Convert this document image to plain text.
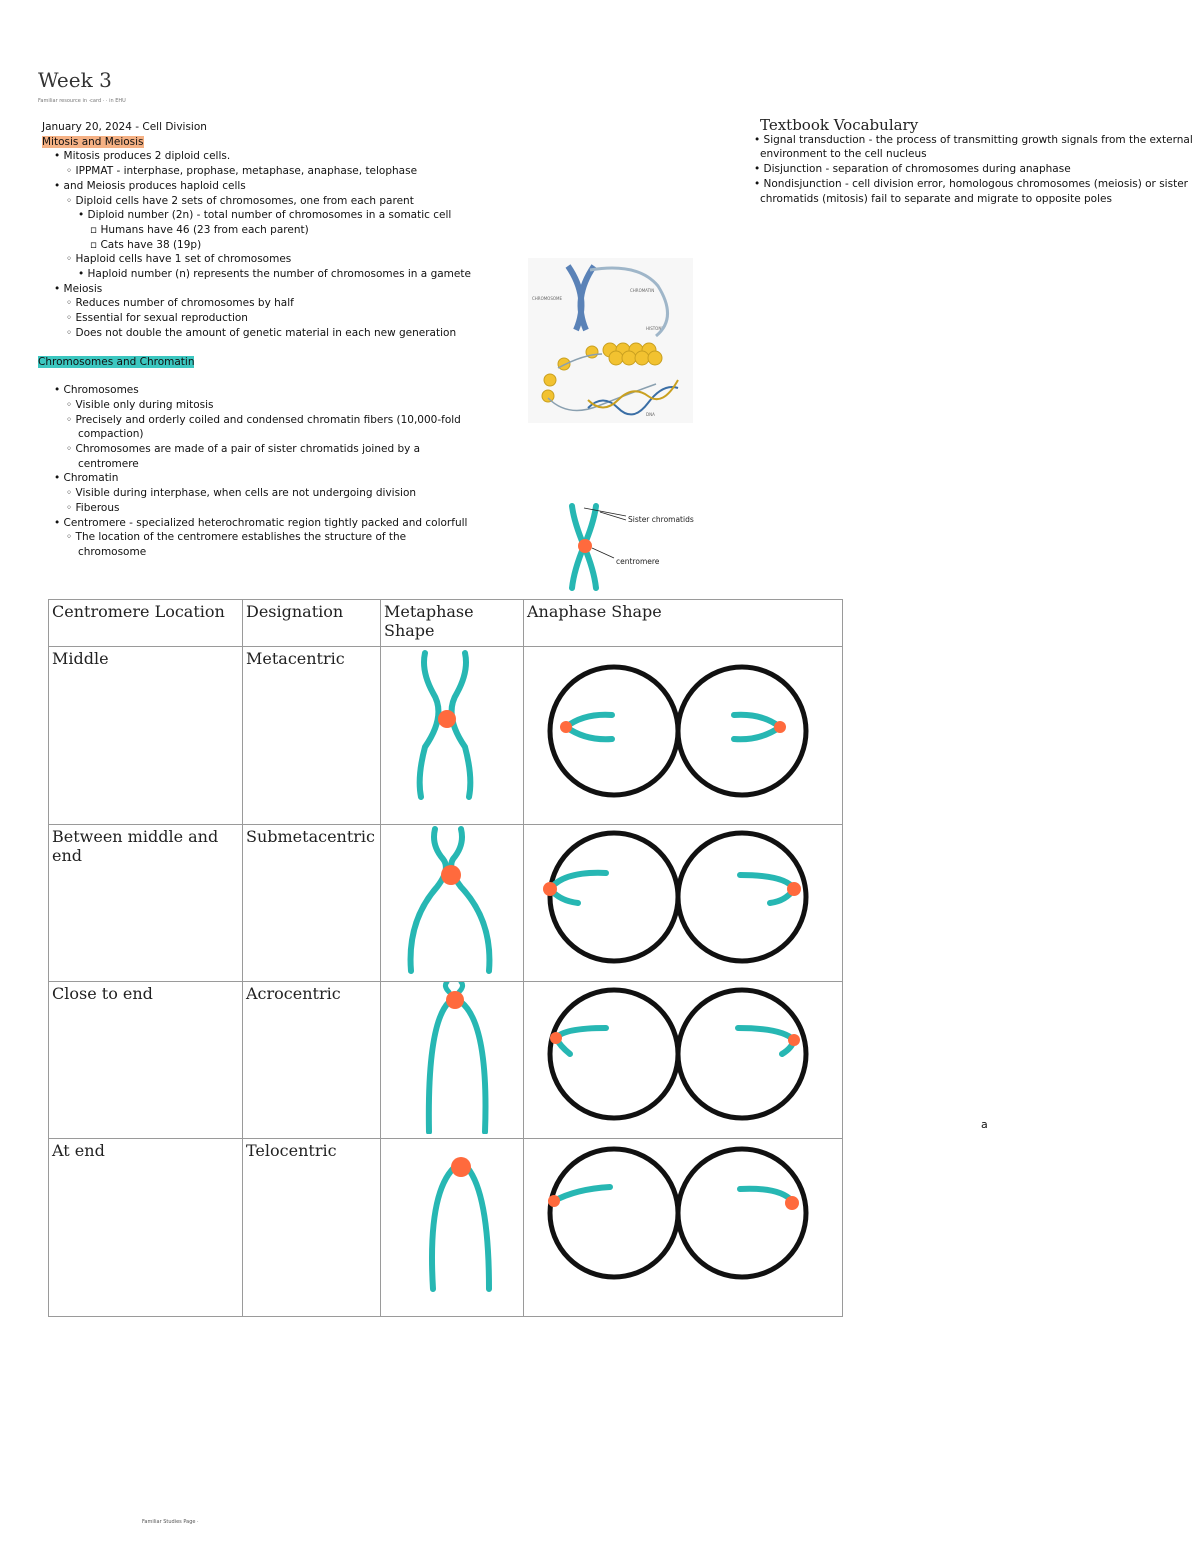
Week 3
Familiar resource in ·card · · in EHU
January 20, 2024 - Cell Division
Mitosis and Meiosis
• Mitosis produces 2 diploid cells.
◦ IPPMAT - interphase, prophase, metaphase, anaphase, telophase
• and Meiosis produces haploid cells
◦ Diploid cells have 2 sets of chromosomes, one from each parent
• Diploid number (2n) - total number of chromosomes in a somatic cell
▫ Humans have 46 (23 from each parent)
▫ Cats have 38 (19p)
◦ Haploid cells have 1 set of chromosomes
• Haploid number (n) represents the number of chromosomes in a gamete
• Meiosis
◦ Reduces number of chromosomes by half
◦ Essential for sexual reproduction
◦ Does not double the amount of genetic material in each new generation
Chromosomes and Chromatin
• Chromosomes
◦ Visible only during mitosis
◦ Precisely and orderly coiled and condensed chromatin fibers (10,000-fold
compaction)
◦ Chromosomes are made of a pair of sister chromatids joined by a
centromere
• Chromatin
◦ Visible during interphase, when cells are not undergoing division
◦ Fiberous
• Centromere - specialized heterochromatic region tightly packed and colorfull
◦ The location of the centromere establishes the structure of the
chromosome
Textbook Vocabulary
• Signal transduction - the process of transmitting growth signals from the external
environment to the cell nucleus
• Disjunction - separation of chromosomes during anaphase
• Nondisjunction - cell division error, homologous chromosomes (meiosis) or sister
chromatids (mitosis) fail to separate and migrate to opposite poles
CHROMOSOME
CHROMATIN
HISTONE
DNA
Sister chromatids
centromere
Centromere Location	Designation	Metaphase Shape	Anaphase Shape
Middle	Metacentric		
Between middle and end	Submetacentric		
Close to end	Acrocentric		
At end	Telocentric		
a
Familiar Studies Page ·
